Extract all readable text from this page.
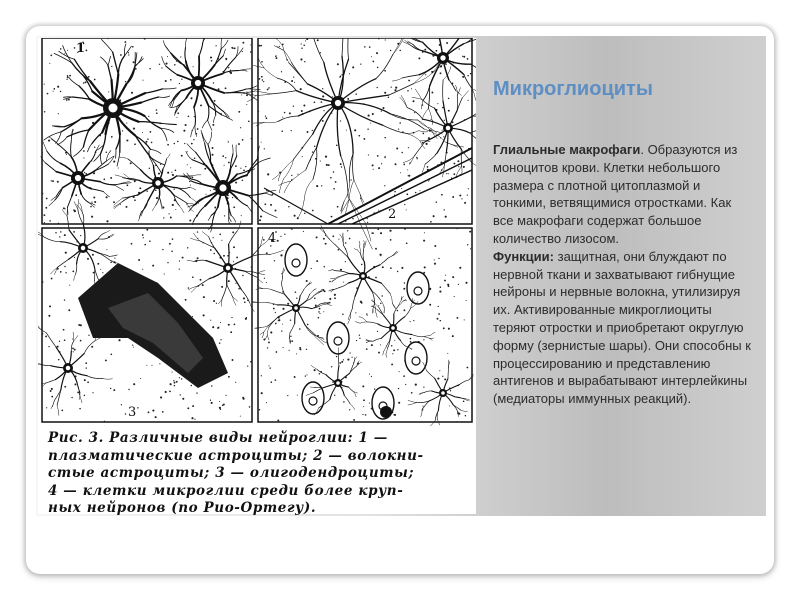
1
2
3
4
Рис. 3. Различные виды нейроглии: 1 —
плазматические астроциты; 2 — волокни-
стые астроциты; 3 — олигодендроциты;
4 — клетки микроглии среди более круп-
ных нейронов (по Рио-Ортегу).
Микроглиоциты
Глиальные макрофаги. Образуются из моноцитов крови. Клетки небольшого размера с плотной цитоплазмой и тонкими, ветвящимися отростками. Как все макрофаги содержат большое количество лизосом.
Функции: защитная, они блуждают по нервной ткани и захватывают гибнущие нейроны и нервные волокна, утилизируя их. Активированные микроглиоциты теряют отростки и приобретают округлую форму (зернистые шары). Они способны к процессированию и представлению антигенов и вырабатывают интерлейкины (медиаторы иммунных реакций).
